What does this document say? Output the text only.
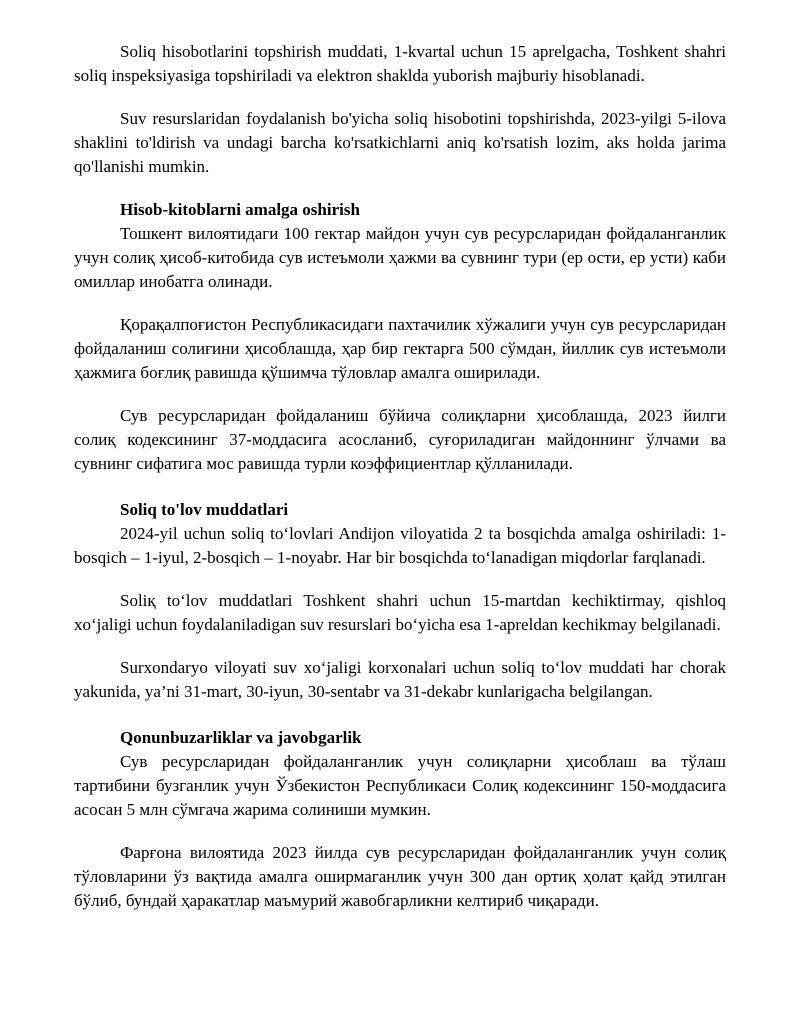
Soliq hisobotlarini topshirish muddati, 1-kvartal uchun 15 aprelgacha, Toshkent shahri soliq inspeksiyasiga topshiriladi va elektron shaklda yuborish majburiy hisoblanadi.

Suv resurslaridan foydalanish bo'yicha soliq hisobotini topshirishda, 2023-yilgi 5-ilova shaklini to'ldirish va undagi barcha ko'rsatkichlarni aniq ko'rsatish lozim, aks holda jarima qo'llanishi mumkin.

Hisob-kitoblarni amalga oshirish

Тошкент вилоятидаги 100 гектар майдон учун сув ресурсларидан фойдаланганлик учун солиқ ҳисоб-китобида сув истеъмоли ҳажми ва сувнинг тури (ер ости, ер усти) каби омиллар инобатга олинади.

Қорақалпоғистон Республикасидаги пахтачилик хўжалиги учун сув ресурсларидан фойдаланиш солиғини ҳисоблашда, ҳар бир гектарга 500 сўмдан, йиллик сув истеъмоли ҳажмига боғлиқ равишда қўшимча тўловлар амалга оширилади.

Сув ресурсларидан фойдаланиш бўйича солиқларни ҳисоблашда, 2023 йилги солиқ кодексининг 37-моддасига асосланиб, суғориладиган майдоннинг ўлчами ва сувнинг сифатига мос равишда турли коэффициентлар қўлланилади.

Soliq to'lov muddatlari

2024-yil uchun soliq to‘lovlari Andijon viloyatida 2 ta bosqichda amalga oshiriladi: 1-bosqich – 1-iyul, 2-bosqich – 1-noyabr. Har bir bosqichda to‘lanadigan miqdorlar farqlanadi.

Soliқ to‘lov muddatlari Toshkent shahri uchun 15-martdan kechiktirmay, qishloq xo‘jaligi uchun foydalaniladigan suv resurslari bo‘yicha esa 1-apreldan kechikmay belgilanadi.

Surxondaryo viloyati suv xo‘jaligi korxonalari uchun soliq to‘lov muddati har chorak yakunida, ya’ni 31-mart, 30-iyun, 30-sentabr va 31-dekabr kunlarigacha belgilangan.

Qonunbuzarliklar va javobgarlik

Сув ресурсларидан фойдаланганлик учун солиқларни ҳисоблаш ва тўлаш тартибини бузганлик учун Ўзбекистон Республикаси Солиқ кодексининг 150-моддасига асосан 5 млн сўмгача жарима солиниши мумкин.

Фарғона вилоятида 2023 йилда сув ресурсларидан фойдаланганлик учун солиқ тўловларини ўз вақтида амалга оширмаганлик учун 300 дан ортиқ ҳолат қайд этилган бўлиб, бундай ҳаракатлар маъмурий жавобгарликни келтириб чиқаради.
